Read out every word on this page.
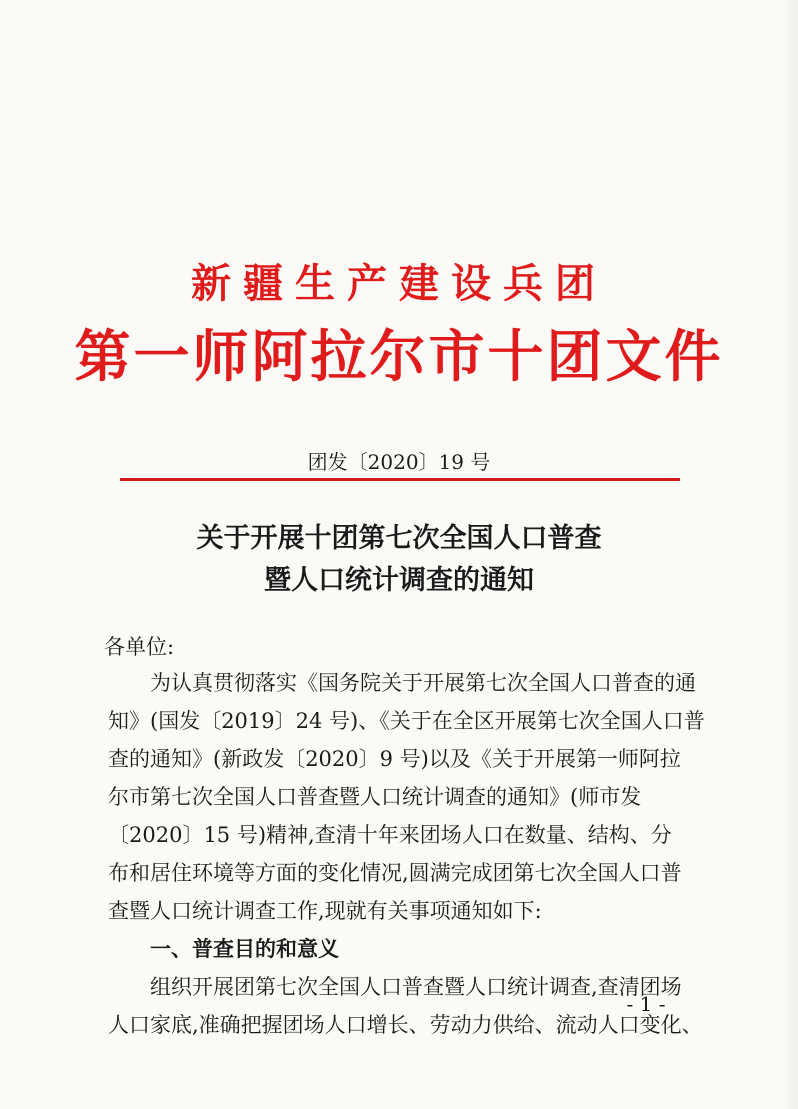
新疆生产建设兵团
第一师阿拉尔市十团文件
团发〔2020〕19 号
关于开展十团第七次全国人口普查
暨人口统计调查的通知
各单位:
为认真贯彻落实《国务院关于开展第七次全国人口普查的通
知》(国发〔2019〕24 号)、《关于在全区开展第七次全国人口普
查的通知》(新政发〔2020〕9 号)以及《关于开展第一师阿拉
尔市第七次全国人口普查暨人口统计调查的通知》(师市发
〔2020〕15 号)精神,查清十年来团场人口在数量、结构、分
布和居住环境等方面的变化情况,圆满完成团第七次全国人口普
查暨人口统计调查工作,现就有关事项通知如下:
一、普查目的和意义
组织开展团第七次全国人口普查暨人口统计调查,查清团场
人口家底,准确把握团场人口增长、劳动力供给、流动人口变化、
- 1 -
